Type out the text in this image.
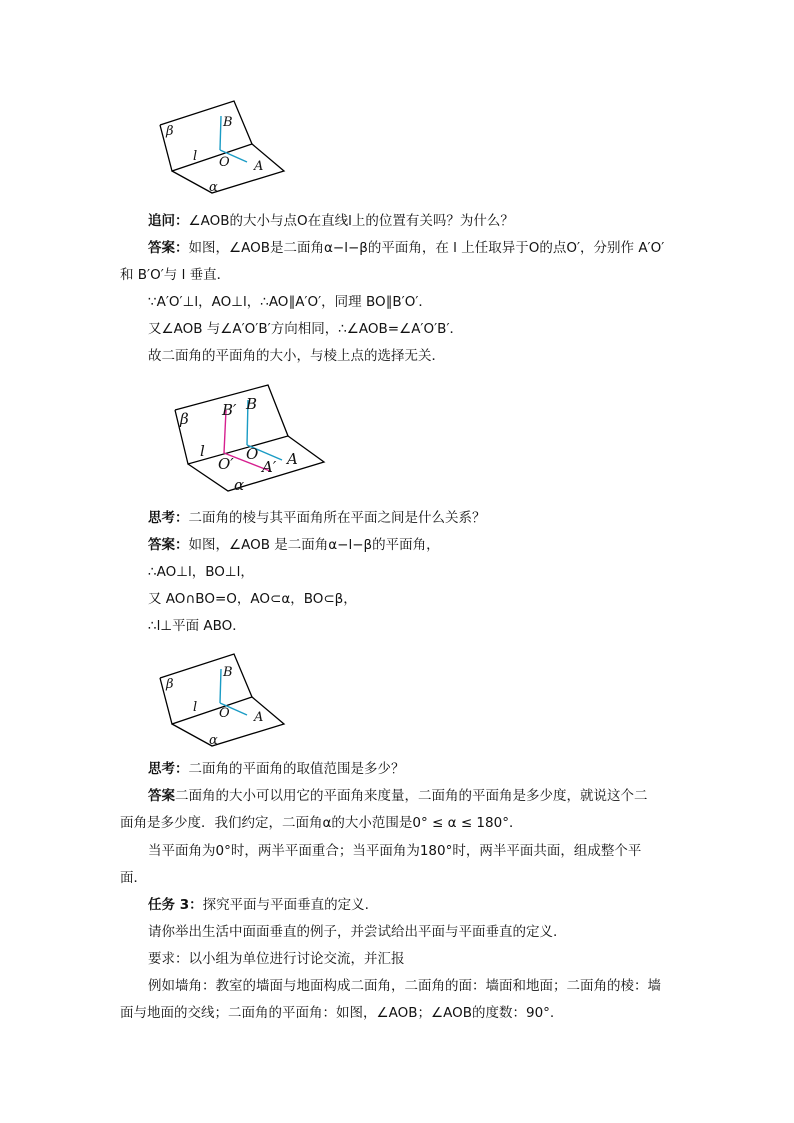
β
B
l O A
α
追问：∠AOB的大小与点O在直线l上的位置有关吗？为什么？
答案：如图，∠AOB是二面角α−l−β的平面角，在 l 上任取异于O的点O′，分别作 A′O′
和 B′O′与 l 垂直．
∵A′O′⊥l，AO⊥l，∴AO∥A′O′，同理 BO∥B′O′．
又∠AOB 与∠A′O′B′方向相同，∴∠AOB=∠A′O′B′．
故二面角的平面角的大小，与棱上点的选择无关．
β B′ B
l
O′
O
A′ A
α
思考：二面角的棱与其平面角所在平面之间是什么关系？
答案：如图，∠AOB 是二面角α−l−β的平面角，
∴AO⊥l，BO⊥l，
又 AO∩BO=O，AO⊂α，BO⊂β，
∴l⊥平面 ABO．
β
B
l O A
α
思考：二面角的平面角的取值范围是多少？
答案二面角的大小可以用它的平面角来度量，二面角的平面角是多少度，就说这个二
面角是多少度．我们约定，二面角α的大小范围是0° ≤ α ≤ 180°．
当平面角为0°时，两半平面重合；当平面角为180°时，两半平面共面，组成整个平
面．
任务 3：探究平面与平面垂直的定义.
请你举出生活中面面垂直的例子，并尝试给出平面与平面垂直的定义.
要求：以小组为单位进行讨论交流，并汇报
例如墙角：教室的墙面与地面构成二面角，二面角的面：墙面和地面；二面角的棱：墙
面与地面的交线；二面角的平面角：如图，∠AOB；∠AOB的度数：90°.
